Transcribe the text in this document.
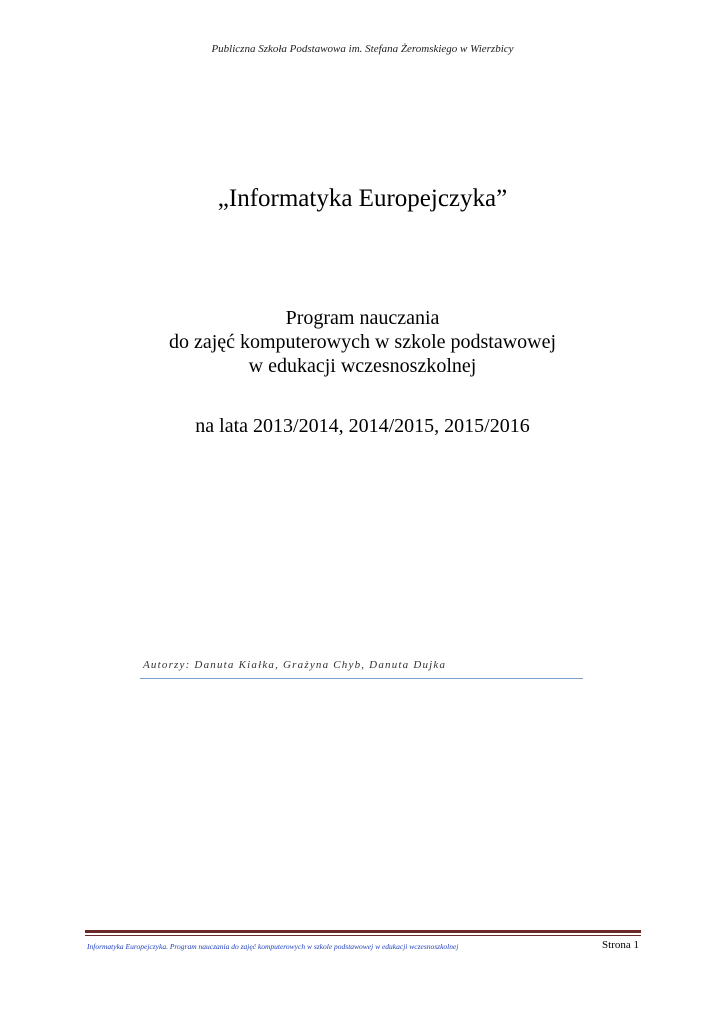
Publiczna Szkoła Podstawowa im. Stefana Żeromskiego w Wierzbicy
„Informatyka Europejczyka”
Program nauczania
do zajęć komputerowych w szkole podstawowej
w edukacji wczesnoszkolnej
na lata 2013/2014, 2014/2015, 2015/2016
Autorzy: Danuta Kiałka, Grażyna Chyb, Danuta Dujka
Informatyka Europejczyka. Program nauczania do zajęć komputerowych w szkole podstawowej w edukacji wczesnoszkolnej	Strona 1
